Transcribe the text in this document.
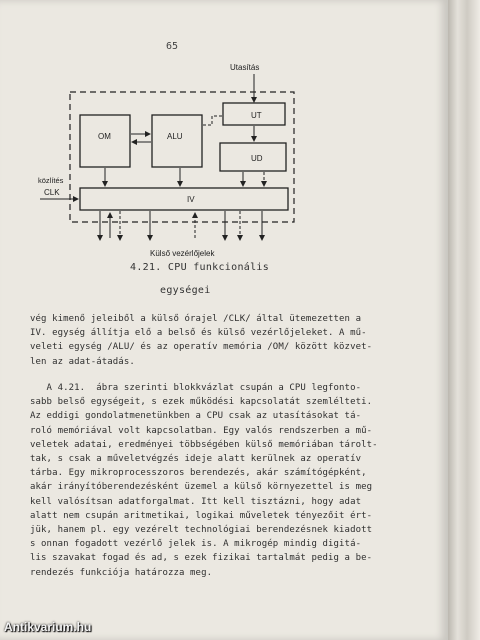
65
Utasítás
OM	ALU
UT
UD
IV
közlítés
CLK
Külső vezérlőjelek
4.21. CPU funkcionális
egységei
vég kimenő jeleiből a külső órajel /CLK/ által ütemezetten a
IV. egység állítja elő a belső és külső vezérlőjeleket. A mű-
veleti egység /ALU/ és az operatív memória /OM/ között közvet-
len az adat-átadás.
A 4.21.  ábra szerinti blokkvázlat csupán a CPU legfonto-
sabb belső egységeit, s ezek működési kapcsolatát szemlélteti.
Az eddigi gondolatmenetünkben a CPU csak az utasításokat tá-
roló memóriával volt kapcsolatban. Egy valós rendszerben a mű-
veletek adatai, eredményei többségében külső memóriában tárolt-
tak, s csak a műveletvégzés ideje alatt kerülnek az operatív
tárba. Egy mikroprocesszoros berendezés, akár számítógépként,
akár irányítóberendezésként üzemel a külső környezettel is meg
kell valósítsan adatforgalmat. Itt kell tisztázni, hogy adat
alatt nem csupán aritmetikai, logikai műveletek tényezőit ért-
jük, hanem pl. egy vezérelt technológiai berendezésnek kiadott
s onnan fogadott vezérlő jelek is. A mikrogép mindig digitá-
lis szavakat fogad és ad, s ezek fizikai tartalmát pedig a be-
rendezés funkciója határozza meg.
Antikvarium.hu
